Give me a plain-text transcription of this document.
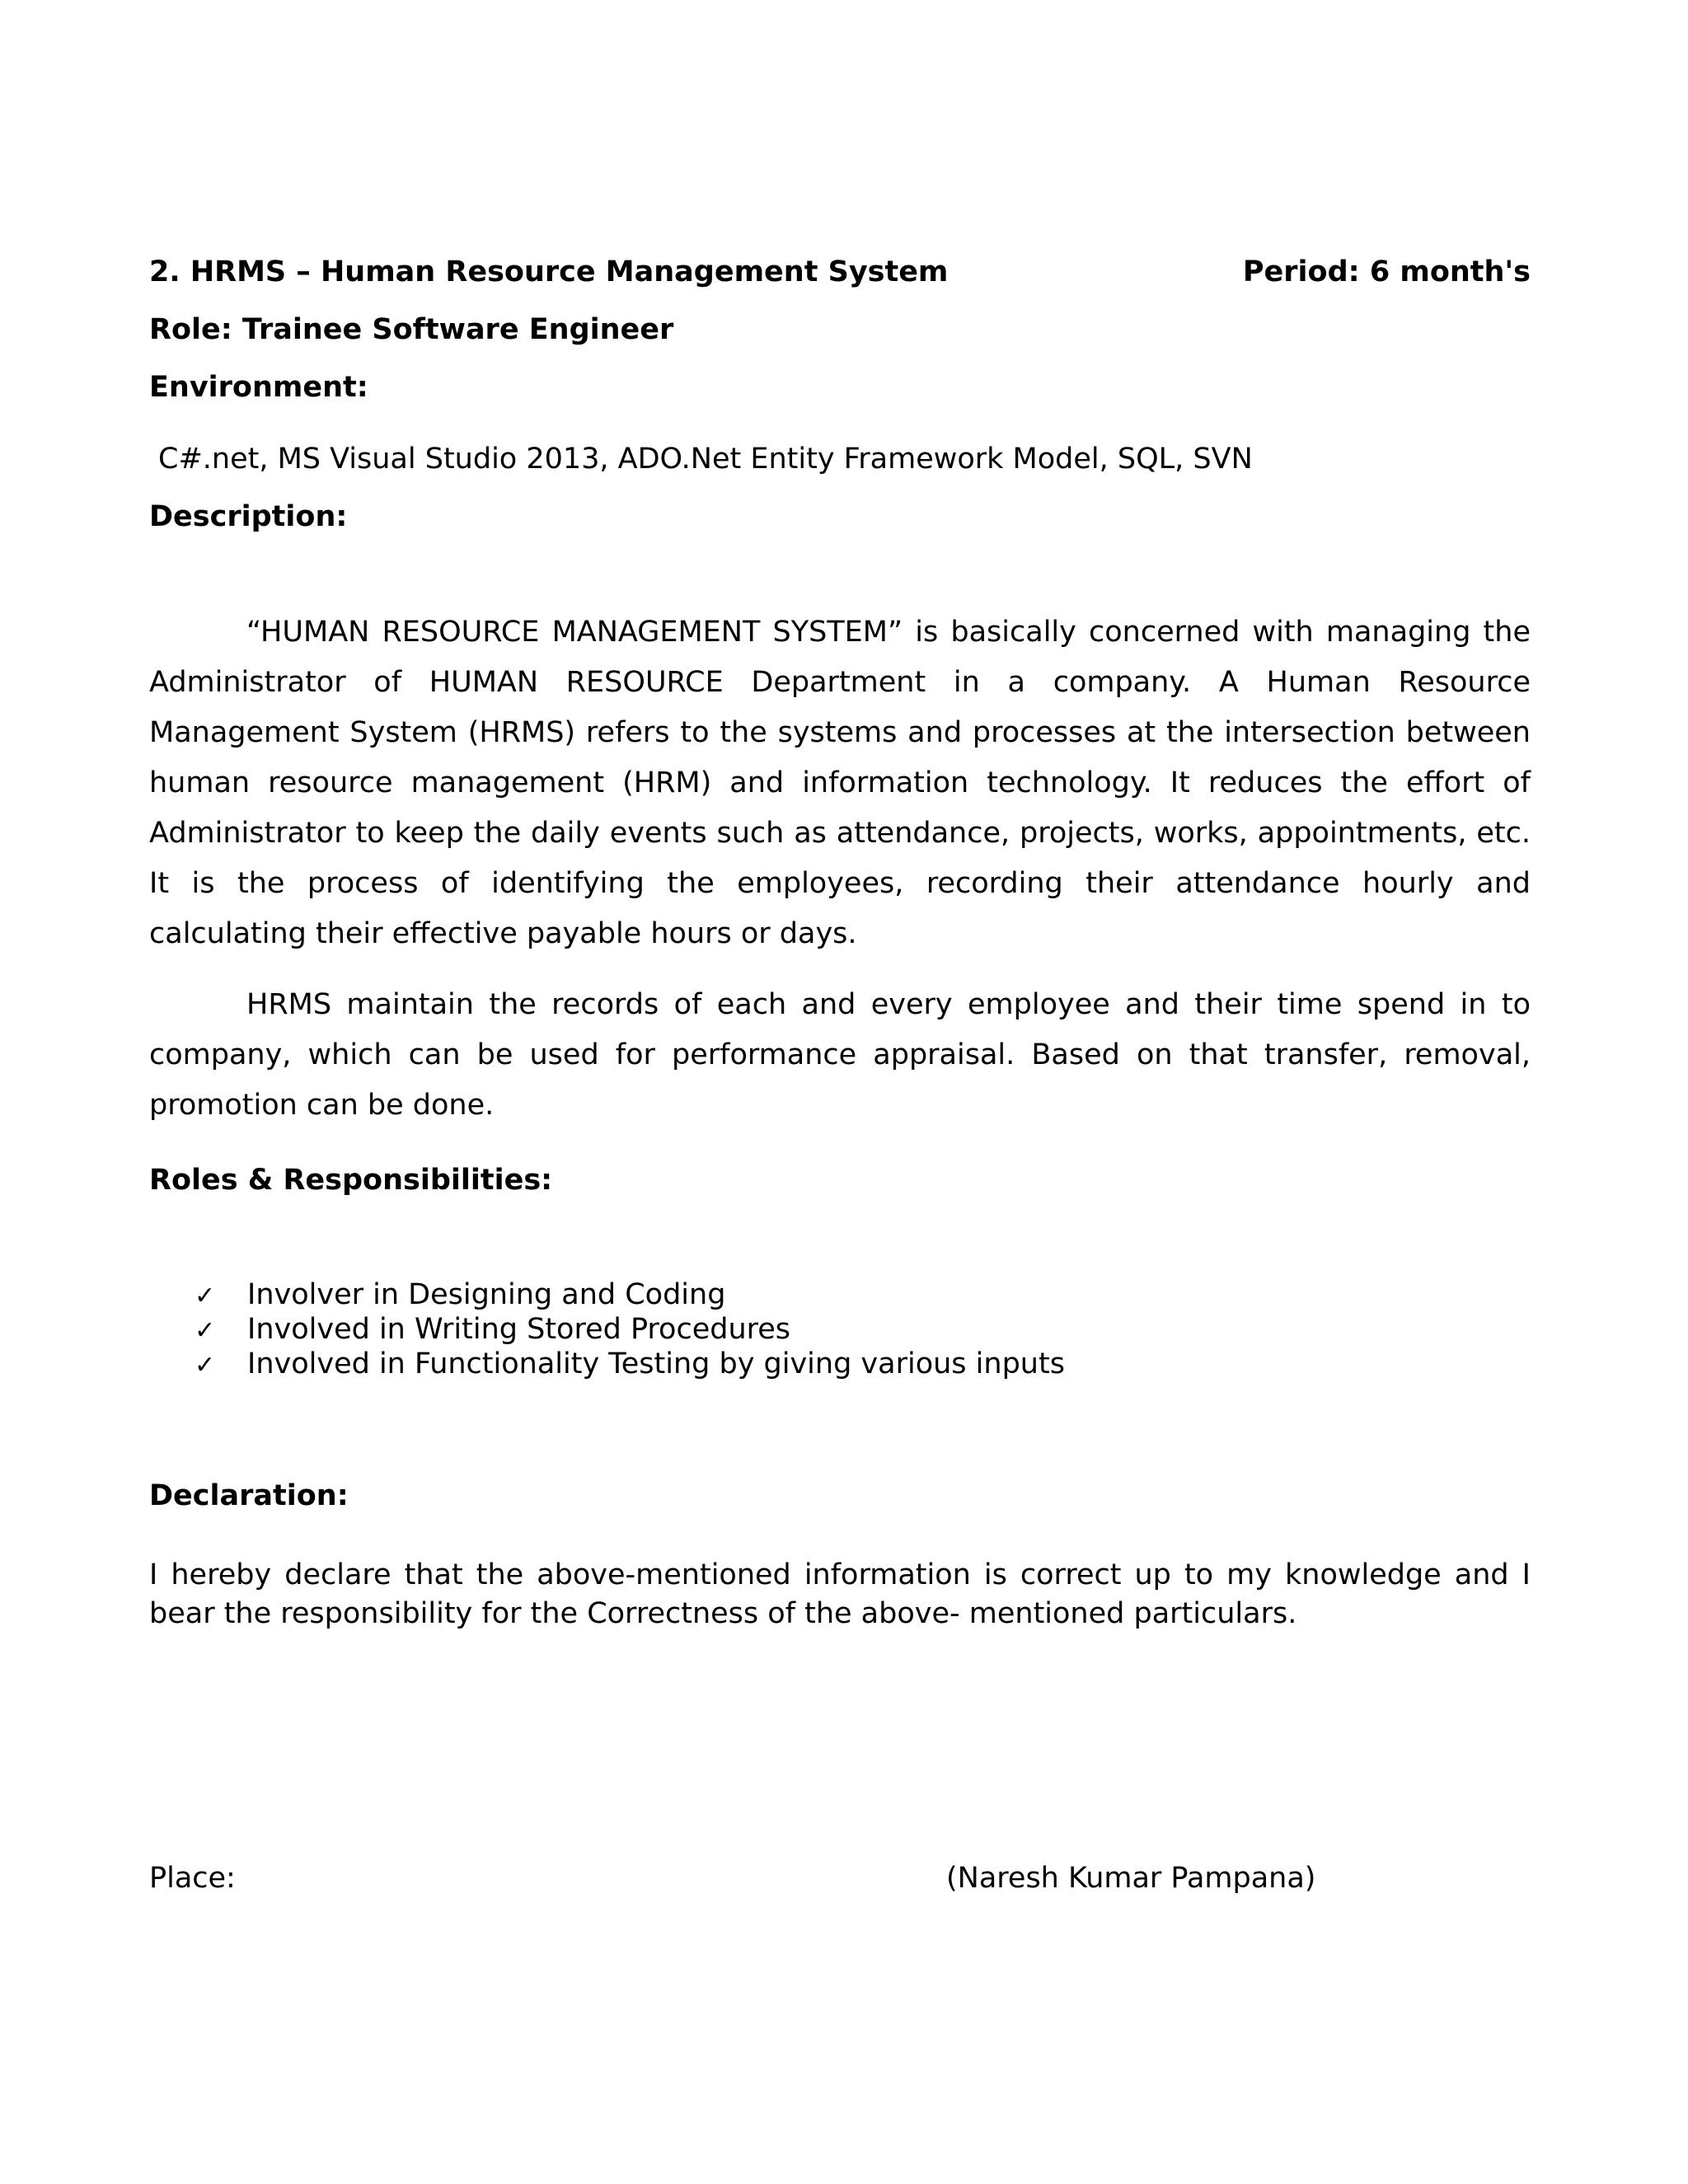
2. HRMS – Human Resource Management System	Period: 6 month's
Role: Trainee Software Engineer
Environment:
C#.net, MS Visual Studio 2013, ADO.Net Entity Framework Model, SQL, SVN
Description:

“HUMAN RESOURCE MANAGEMENT SYSTEM” is basically concerned with managing the Administrator of HUMAN RESOURCE Department in a company. A Human Resource Management System (HRMS) refers to the systems and processes at the intersection between human resource management (HRM) and information technology. It reduces the effort of Administrator to keep the daily events such as attendance, projects, works, appointments, etc. It is the process of identifying the employees, recording their attendance hourly and calculating their effective payable hours or days.

HRMS maintain the records of each and every employee and their time spend in to company, which can be used for performance appraisal. Based on that transfer, removal, promotion can be done.

Roles & Responsibilities:
✓	Involver in Designing and Coding
✓	Involved in Writing Stored Procedures
✓	Involved in Functionality Testing by giving various inputs
Declaration:

I hereby declare that the above-mentioned information is correct up to my knowledge and I bear the responsibility for the Correctness of the above- mentioned particulars.

Place:	(Naresh Kumar Pampana)
